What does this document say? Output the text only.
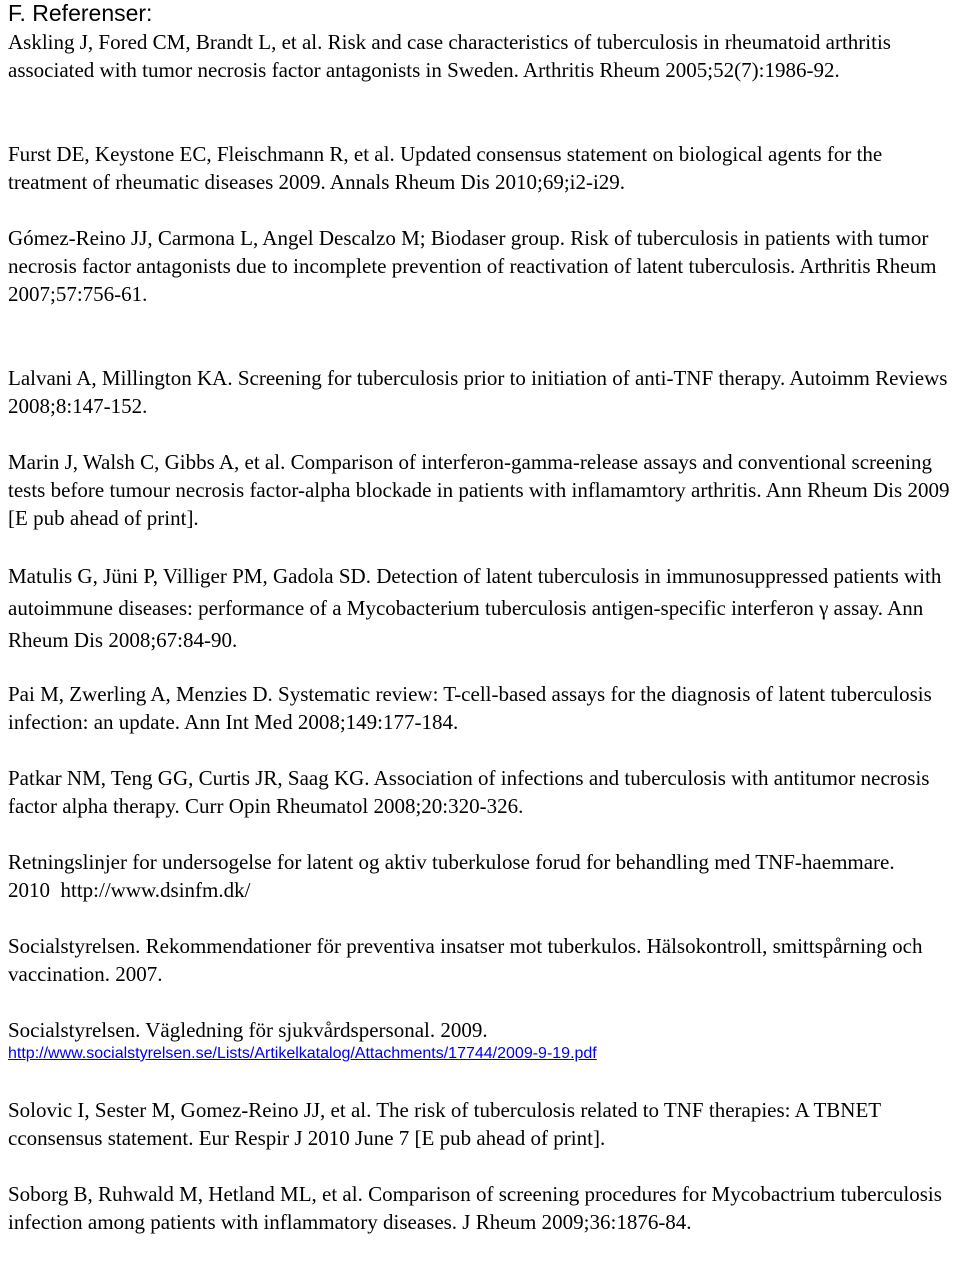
F. Referenser:

Askling J, Fored CM, Brandt L, et al. Risk and case characteristics of tuberculosis in rheumatoid arthritis associated with tumor necrosis factor antagonists in Sweden. Arthritis Rheum 2005;52(7):1986-92.

Furst DE, Keystone EC, Fleischmann R, et al. Updated consensus statement on biological agents for the treatment of rheumatic diseases 2009. Annals Rheum Dis 2010;69;i2-i29.

Gómez-Reino JJ, Carmona L, Angel Descalzo M; Biodaser group. Risk of tuberculosis in patients with tumor necrosis factor antagonists due to incomplete prevention of reactivation of latent tuberculosis. Arthritis Rheum 2007;57:756-61.

Lalvani A, Millington KA. Screening for tuberculosis prior to initiation of anti-TNF therapy. Autoimm Reviews 2008;8:147-152.

Marin J, Walsh C, Gibbs A, et al. Comparison of interferon-gamma-release assays and conventional screening tests before tumour necrosis factor-alpha blockade in patients with inflamamtory arthritis. Ann Rheum Dis 2009 [E pub ahead of print].

Matulis G, Jüni P, Villiger PM, Gadola SD. Detection of latent tuberculosis in immunosuppressed patients with autoimmune diseases: performance of a Mycobacterium tuberculosis antigen-specific interferon γ assay. Ann Rheum Dis 2008;67:84-90.

Pai M, Zwerling A, Menzies D. Systematic review: T-cell-based assays for the diagnosis of latent tuberculosis infection: an update. Ann Int Med 2008;149:177-184.

Patkar NM, Teng GG, Curtis JR, Saag KG. Association of infections and tuberculosis with antitumor necrosis factor alpha therapy. Curr Opin Rheumatol 2008;20:320-326.

Retningslinjer for undersogelse for latent og aktiv tuberkulose forud for behandling med TNF-haemmare. 2010  http://www.dsinfm.dk/

Socialstyrelsen. Rekommendationer för preventiva insatser mot tuberkulos. Hälsokontroll, smittspårning och vaccination. 2007.

Socialstyrelsen. Vägledning för sjukvårdspersonal. 2009.

http://www.socialstyrelsen.se/Lists/Artikelkatalog/Attachments/17744/2009-9-19.pdf

Solovic I, Sester M, Gomez-Reino JJ, et al. The risk of tuberculosis related to TNF therapies: A TBNET cconsensus statement. Eur Respir J 2010 June 7 [E pub ahead of print].

Soborg B, Ruhwald M, Hetland ML, et al. Comparison of screening procedures for Mycobactrium tuberculosis infection among patients with inflammatory diseases. J Rheum 2009;36:1876-84.
